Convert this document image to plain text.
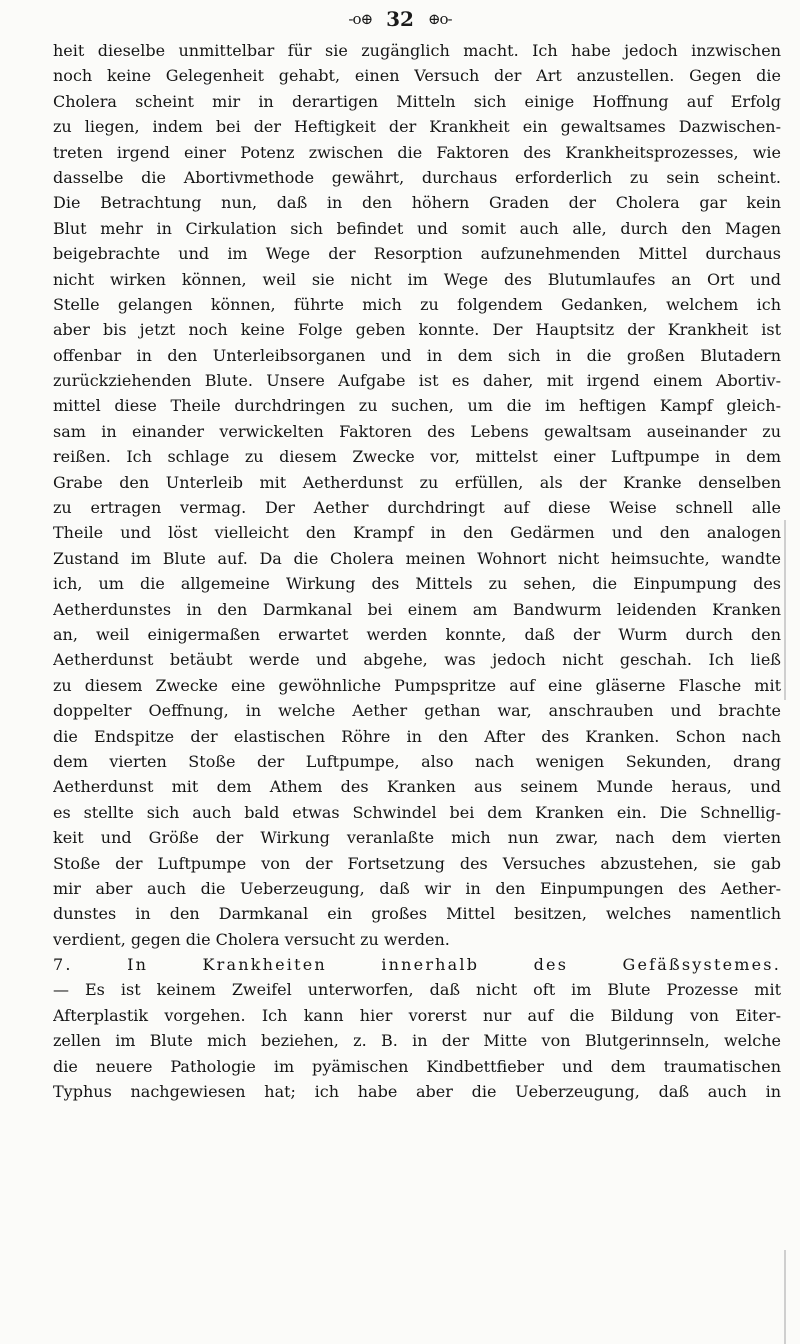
-o⊕ 32 ⊕o-
heit dieselbe unmittelbar für sie zugänglich macht. Ich habe jedoch inzwischen
noch keine Gelegenheit gehabt, einen Versuch der Art anzustellen. Gegen die
Cholera scheint mir in derartigen Mitteln sich einige Hoffnung auf Erfolg
zu liegen, indem bei der Heftigkeit der Krankheit ein gewaltsames Dazwischen-
treten irgend einer Potenz zwischen die Faktoren des Krankheitsprozesses, wie
dasselbe die Abortivmethode gewährt, durchaus erforderlich zu sein scheint.
Die Betrachtung nun, daß in den höhern Graden der Cholera gar kein
Blut mehr in Cirkulation sich befindet und somit auch alle, durch den Magen
beigebrachte und im Wege der Resorption aufzunehmenden Mittel durchaus
nicht wirken können, weil sie nicht im Wege des Blutumlaufes an Ort und
Stelle gelangen können, führte mich zu folgendem Gedanken, welchem ich
aber bis jetzt noch keine Folge geben konnte. Der Hauptsitz der Krankheit ist
offenbar in den Unterleibsorganen und in dem sich in die großen Blutadern
zurückziehenden Blute. Unsere Aufgabe ist es daher, mit irgend einem Abortiv-
mittel diese Theile durchdringen zu suchen, um die im heftigen Kampf gleich-
sam in einander verwickelten Faktoren des Lebens gewaltsam auseinander zu
reißen. Ich schlage zu diesem Zwecke vor, mittelst einer Luftpumpe in dem
Grabe den Unterleib mit Aetherdunst zu erfüllen, als der Kranke denselben
zu ertragen vermag. Der Aether durchdringt auf diese Weise schnell alle
Theile und löst vielleicht den Krampf in den Gedärmen und den analogen
Zustand im Blute auf. Da die Cholera meinen Wohnort nicht heimsuchte, wandte
ich, um die allgemeine Wirkung des Mittels zu sehen, die Einpumpung des
Aetherdunstes in den Darmkanal bei einem am Bandwurm leidenden Kranken
an, weil einigermaßen erwartet werden konnte, daß der Wurm durch den
Aetherdunst betäubt werde und abgehe, was jedoch nicht geschah. Ich ließ
zu diesem Zwecke eine gewöhnliche Pumpspritze auf eine gläserne Flasche mit
doppelter Oeffnung, in welche Aether gethan war, anschrauben und brachte
die Endspitze der elastischen Röhre in den After des Kranken. Schon nach
dem vierten Stoße der Luftpumpe, also nach wenigen Sekunden, drang
Aetherdunst mit dem Athem des Kranken aus seinem Munde heraus, und
es stellte sich auch bald etwas Schwindel bei dem Kranken ein. Die Schnellig-
keit und Größe der Wirkung veranlaßte mich nun zwar, nach dem vierten
Stoße der Luftpumpe von der Fortsetzung des Versuches abzustehen, sie gab
mir aber auch die Ueberzeugung, daß wir in den Einpumpungen des Aether-
dunstes in den Darmkanal ein großes Mittel besitzen, welches namentlich
verdient, gegen die Cholera versucht zu werden.
7. In Krankheiten innerhalb des Gefäßsystemes.
— Es ist keinem Zweifel unterworfen, daß nicht oft im Blute Prozesse mit
Afterplastik vorgehen. Ich kann hier vorerst nur auf die Bildung von Eiter-
zellen im Blute mich beziehen, z. B. in der Mitte von Blutgerinnseln, welche
die neuere Pathologie im pyämischen Kindbettfieber und dem traumatischen
Typhus nachgewiesen hat; ich habe aber die Ueberzeugung, daß auch in
